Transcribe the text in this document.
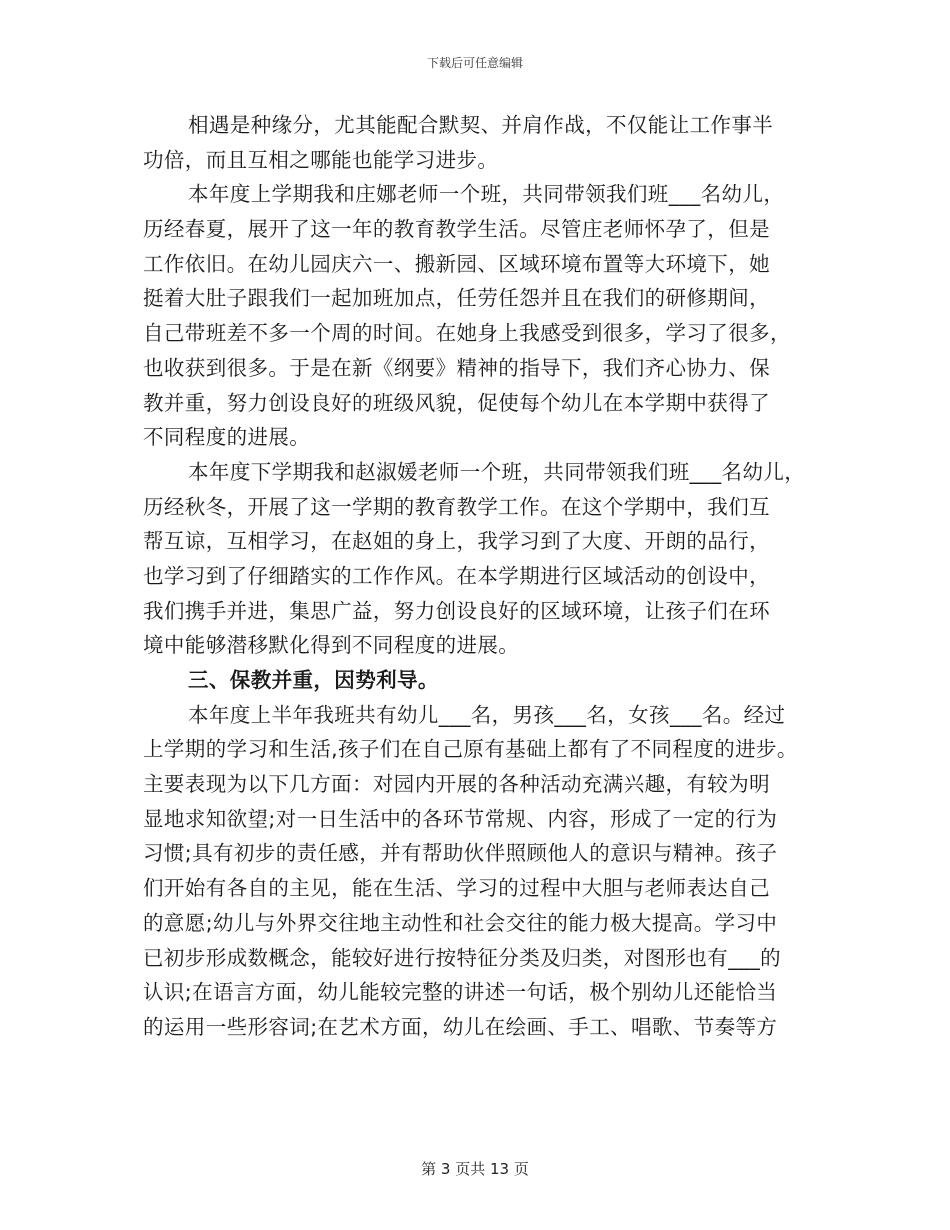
下载后可任意编辑
相遇是种缘分，尤其能配合默契、并肩作战，不仅能让工作事半
功倍，而且互相之哪能也能学习进步。
本年度上学期我和庄娜老师一个班，共同带领我们班___名幼儿，
历经春夏，展开了这一年的教育教学生活。尽管庄老师怀孕了，但是
工作依旧。在幼儿园庆六一、搬新园、区域环境布置等大环境下，她
挺着大肚子跟我们一起加班加点，任劳任怨并且在我们的研修期间，
自己带班差不多一个周的时间。在她身上我感受到很多，学习了很多，
也收获到很多。于是在新《纲要》精神的指导下，我们齐心协力、保
教并重，努力创设良好的班级风貌，促使每个幼儿在本学期中获得了
不同程度的进展。
本年度下学期我和赵淑媛老师一个班，共同带领我们班___名幼儿，
历经秋冬，开展了这一学期的教育教学工作。在这个学期中，我们互
帮互谅，互相学习，在赵姐的身上，我学习到了大度、开朗的品行，
也学习到了仔细踏实的工作作风。在本学期进行区域活动的创设中，
我们携手并进，集思广益，努力创设良好的区域环境，让孩子们在环
境中能够潜移默化得到不同程度的进展。
三、保教并重，因势利导。
本年度上半年我班共有幼儿___名，男孩___名，女孩___名。经过
上学期的学习和生活,孩子们在自己原有基础上都有了不同程度的进步。
主要表现为以下几方面：对园内开展的各种活动充满兴趣，有较为明
显地求知欲望;对一日生活中的各环节常规、内容，形成了一定的行为
习惯;具有初步的责任感，并有帮助伙伴照顾他人的意识与精神。孩子
们开始有各自的主见，能在生活、学习的过程中大胆与老师表达自己
的意愿;幼儿与外界交往地主动性和社会交往的能力极大提高。学习中
已初步形成数概念，能较好进行按特征分类及归类，对图形也有___的
认识;在语言方面，幼儿能较完整的讲述一句话，极个别幼儿还能恰当
的运用一些形容词;在艺术方面，幼儿在绘画、手工、唱歌、节奏等方
第 3 页共 13 页
